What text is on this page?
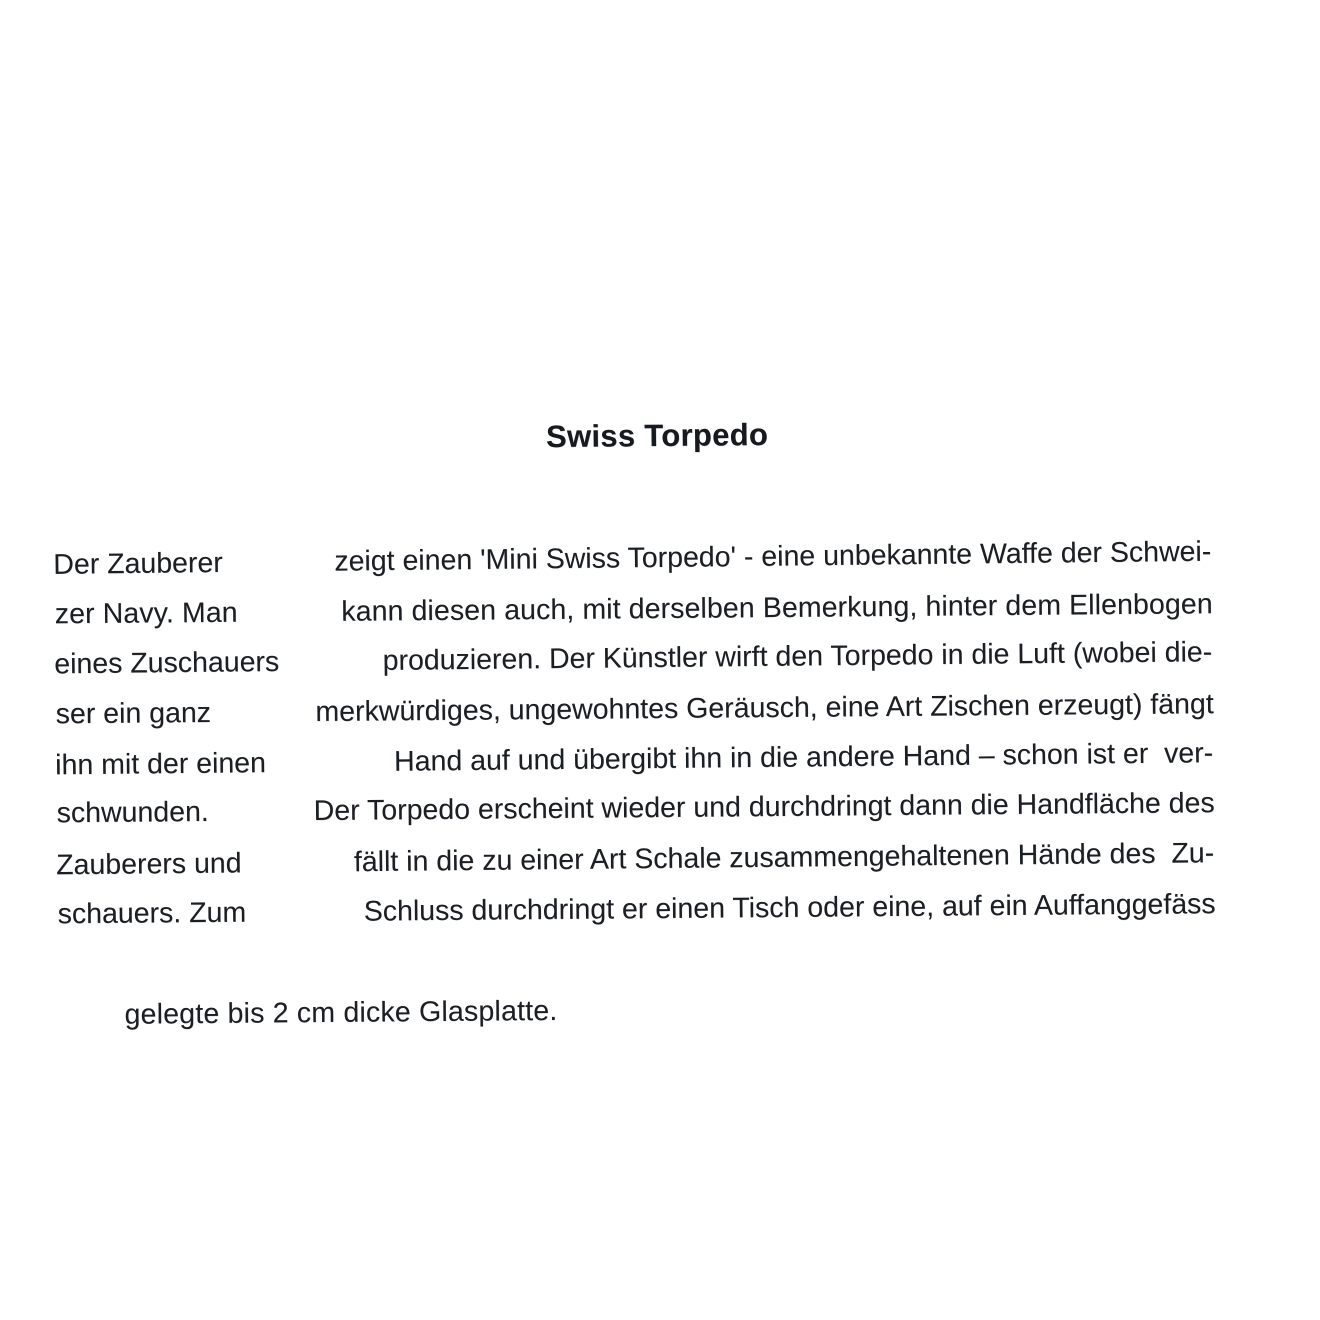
Swiss Torpedo
Der Zauberer	zeigt einen 'Mini Swiss Torpedo' - eine unbekannte Waffe der Schwei-
zer Navy. Man	kann diesen auch, mit derselben Bemerkung, hinter dem Ellenbogen
eines Zuschauers	produzieren. Der Künstler wirft den Torpedo in die Luft (wobei die-
ser ein ganz	merkwürdiges, ungewohntes Geräusch, eine Art Zischen erzeugt) fängt
ihn mit der einen	Hand auf und übergibt ihn in die andere Hand – schon ist er  ver-
schwunden.	Der Torpedo erscheint wieder und durchdringt dann die Handfläche des
Zauberers und	fällt in die zu einer Art Schale zusammengehaltenen Hände des  Zu-
schauers. Zum	Schluss durchdringt er einen Tisch oder eine, auf ein Auffanggefäss

gelegte bis 2 cm dicke Glasplatte.
